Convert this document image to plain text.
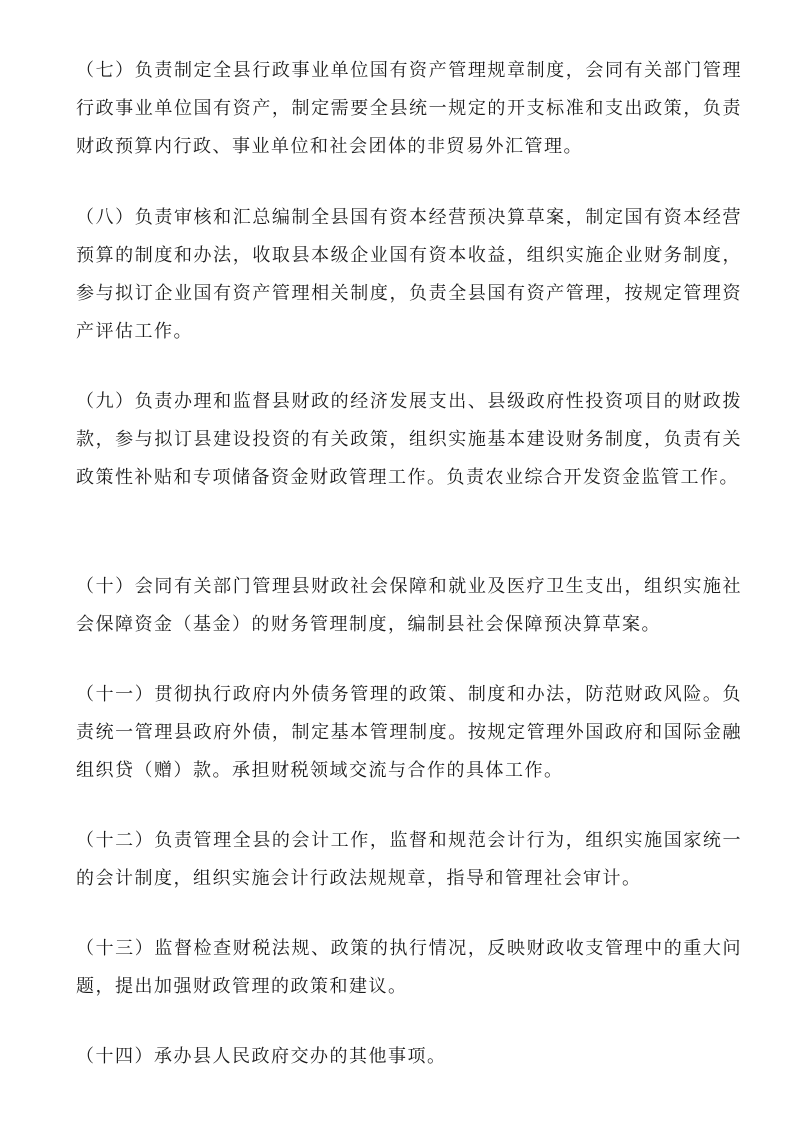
（七）负责制定全县行政事业单位国有资产管理规章制度，会同有关部门管理行政事业单位国有资产，制定需要全县统一规定的开支标准和支出政策，负责财政预算内行政、事业单位和社会团体的非贸易外汇管理。

（八）负责审核和汇总编制全县国有资本经营预决算草案，制定国有资本经营预算的制度和办法，收取县本级企业国有资本收益，组织实施企业财务制度，参与拟订企业国有资产管理相关制度，负责全县国有资产管理，按规定管理资产评估工作。

（九）负责办理和监督县财政的经济发展支出、县级政府性投资项目的财政拨款，参与拟订县建设投资的有关政策，组织实施基本建设财务制度，负责有关政策性补贴和专项储备资金财政管理工作。负责农业综合开发资金监管工作。

（十）会同有关部门管理县财政社会保障和就业及医疗卫生支出，组织实施社会保障资金（基金）的财务管理制度，编制县社会保障预决算草案。

（十一）贯彻执行政府内外债务管理的政策、制度和办法，防范财政风险。负责统一管理县政府外债，制定基本管理制度。按规定管理外国政府和国际金融组织贷（赠）款。承担财税领域交流与合作的具体工作。

（十二）负责管理全县的会计工作，监督和规范会计行为，组织实施国家统一的会计制度，组织实施会计行政法规规章，指导和管理社会审计。

（十三）监督检查财税法规、政策的执行情况，反映财政收支管理中的重大问题，提出加强财政管理的政策和建议。

（十四）承办县人民政府交办的其他事项。
